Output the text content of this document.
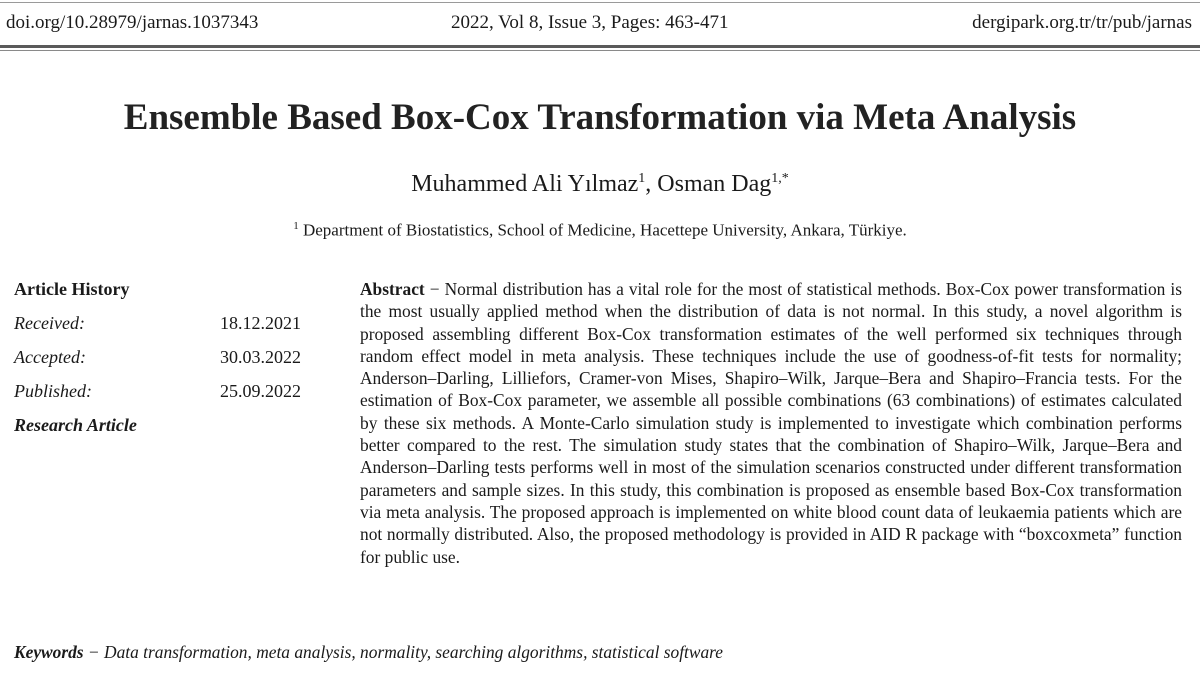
doi.org/10.28979/jarnas.1037343	2022, Vol 8, Issue 3, Pages: 463-471	dergipark.org.tr/tr/pub/jarnas
Ensemble Based Box-Cox Transformation via Meta Analysis
Muhammed Ali Yılmaz$^1$, Osman Dag$^{1,*}$
$^1$ Department of Biostatistics, School of Medicine, Hacettepe University, Ankara, Türkiye.
Article History
Received:	18.12.2021
Accepted:	30.03.2022
Published:	25.09.2022
Research Article
Abstract − Normal distribution has a vital role for the most of statistical methods. Box-Cox power transformation is the most usually applied method when the distribution of data is not normal. In this study, a novel algorithm is proposed assembling different Box-Cox transformation estimates of the well performed six techniques through random effect model in meta analysis. These techniques include the use of goodness-of-fit tests for normality; Anderson–Darling, Lilliefors, Cramer-von Mises, Shapiro–Wilk, Jarque–Bera and Shapiro–Francia tests. For the estimation of Box-Cox parameter, we assemble all possible combinations (63 combinations) of estimates calculated by these six methods. A Monte-Carlo simulation study is implemented to investigate which combination performs better compared to the rest. The simulation study states that the combination of Shapiro–Wilk, Jarque–Bera and Anderson–Darling tests performs well in most of the simulation scenarios constructed under different transformation parameters and sample sizes. In this study, this combination is proposed as ensemble based Box-Cox transformation via meta analysis. The proposed approach is implemented on white blood count data of leukaemia patients which are not normally distributed. Also, the proposed methodology is provided in AID R package with “boxcoxmeta” function for public use.
Keywords − Data transformation, meta analysis, normality, searching algorithms, statistical software
